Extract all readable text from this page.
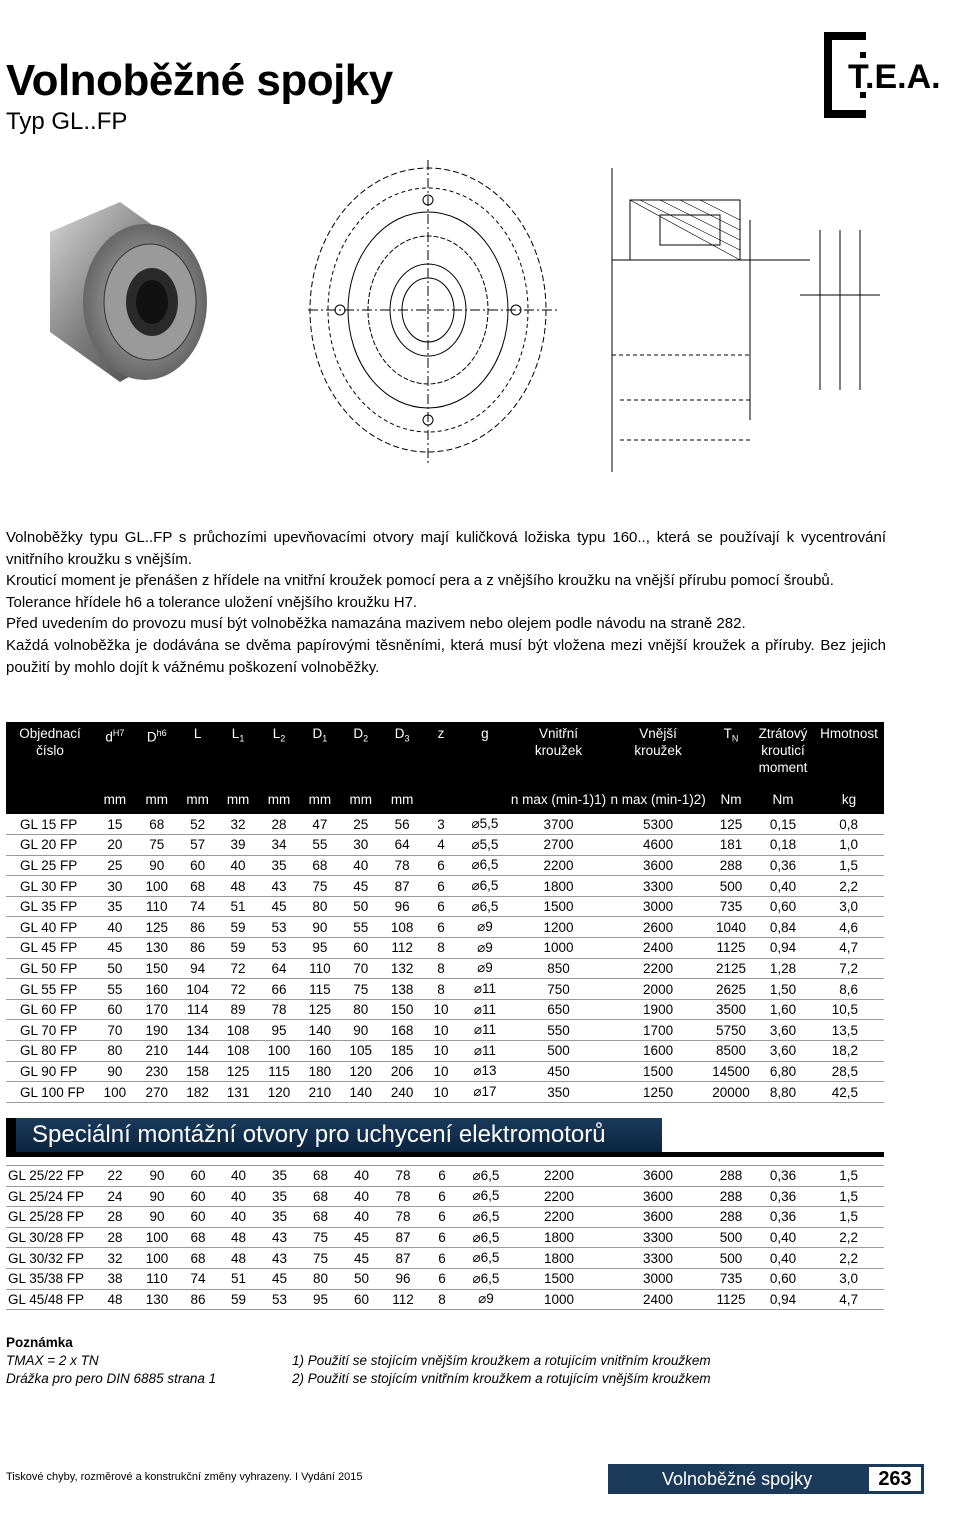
Volnoběžné spojky
Typ GL..FP
T.E.A.

Volnoběžky typu GL..FP s průchozími upevňovacími otvory mají kuličková ložiska typu 160.., která se používají k vycentrování vnitřního kroužku s vnějším.

Krouticí moment je přenášen z hřídele na vnitřní kroužek pomocí pera a z vnějšího kroužku na vnější přírubu pomocí šroubů.

Tolerance hřídele h6 a tolerance uložení vnějšího kroužku H7.

Před uvedením do provozu musí být volnoběžka namazána mazivem nebo olejem podle návodu na straně 282.

Každá volnoběžka je dodávána se dvěma papírovými těsněními, která musí být vložena mezi vnější kroužek a příruby. Bez jejich použití by mohlo dojít k vážnému poškození volnoběžky.

Objednací číslo	$d^{H7}$	$D^{h6}$	L	$L_1$	$L_2$	$D_1$	$D_2$	$D_3$	z	g	Vnitřní kroužek	Vnější kroužek	$T_N$	Ztrátový krouticí moment	Hmotnost
	mm	mm	mm	mm	mm	mm	mm	mm			n max (min-1)1)	n max (min-1)2)	Nm	Nm	kg
GL 15 FP	15	68	52	32	28	47	25	56	3	⌀5,5	3700	5300	125	0,15	0,8
GL 20 FP	20	75	57	39	34	55	30	64	4	⌀5,5	2700	4600	181	0,18	1,0
GL 25 FP	25	90	60	40	35	68	40	78	6	⌀6,5	2200	3600	288	0,36	1,5
GL 30 FP	30	100	68	48	43	75	45	87	6	⌀6,5	1800	3300	500	0,40	2,2
GL 35 FP	35	110	74	51	45	80	50	96	6	⌀6,5	1500	3000	735	0,60	3,0
GL 40 FP	40	125	86	59	53	90	55	108	6	⌀9	1200	2600	1040	0,84	4,6
GL 45 FP	45	130	86	59	53	95	60	112	8	⌀9	1000	2400	1125	0,94	4,7
GL 50 FP	50	150	94	72	64	110	70	132	8	⌀9	850	2200	2125	1,28	7,2
GL 55 FP	55	160	104	72	66	115	75	138	8	⌀11	750	2000	2625	1,50	8,6
GL 60 FP	60	170	114	89	78	125	80	150	10	⌀11	650	1900	3500	1,60	10,5
GL 70 FP	70	190	134	108	95	140	90	168	10	⌀11	550	1700	5750	3,60	13,5
GL 80 FP	80	210	144	108	100	160	105	185	10	⌀11	500	1600	8500	3,60	18,2
GL 90 FP	90	230	158	125	115	180	120	206	10	⌀13	450	1500	14500	6,80	28,5
GL 100 FP	100	270	182	131	120	210	140	240	10	⌀17	350	1250	20000	8,80	42,5
Speciální montážní otvory pro uchycení elektromotorů
GL 25/22 FP	22	90	60	40	35	68	40	78	6	⌀6,5	2200	3600	288	0,36	1,5
GL 25/24 FP	24	90	60	40	35	68	40	78	6	⌀6,5	2200	3600	288	0,36	1,5
GL 25/28 FP	28	90	60	40	35	68	40	78	6	⌀6,5	2200	3600	288	0,36	1,5
GL 30/28 FP	28	100	68	48	43	75	45	87	6	⌀6,5	1800	3300	500	0,40	2,2
GL 30/32 FP	32	100	68	48	43	75	45	87	6	⌀6,5	1800	3300	500	0,40	2,2
GL 35/38 FP	38	110	74	51	45	80	50	96	6	⌀6,5	1500	3000	735	0,60	3,0
GL 45/48 FP	48	130	86	59	53	95	60	112	8	⌀9	1000	2400	1125	0,94	4,7
Poznámka
TMAX = 2 x TN
Drážka pro pero DIN 6885 strana 1
1) Použití se stojícím vnějším kroužkem a rotujícím vnitřním kroužkem
2) Použití se stojícím vnitřním kroužkem a rotujícím vnějším kroužkem
Tiskové chyby, rozměrové a konstrukční změny vyhrazeny. I Vydání 2015	Volnoběžné spojky	263
